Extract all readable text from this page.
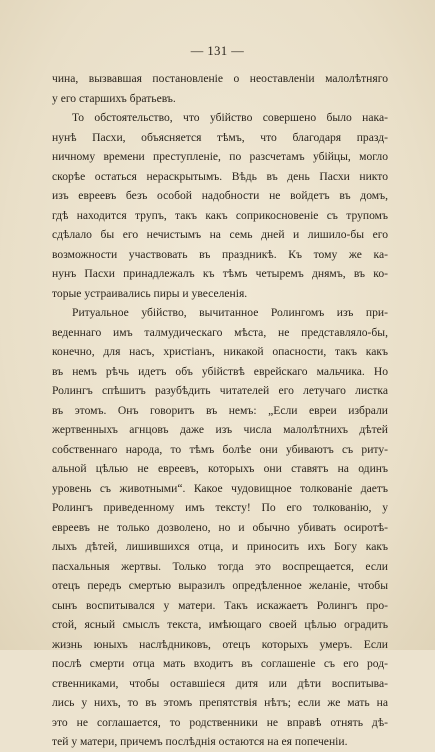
— 131 —
чина, вызвавшая постановленіе о неоставленіи малолѣтняго
у его старшихъ братьевъ.
То обстоятельство, что убійство совершено было нака-
нунѣ Пасхи, объясняется тѣмъ, что благодаря празд-
ничному времени преступленіе, по разсчетамъ убійцы, могло
скорѣе остаться нераскрытымъ. Вѣдь въ день Пасхи никто
изъ евреевъ безъ особой надобности не войдетъ въ домъ,
гдѣ находится трупъ, такъ какъ соприкосновеніе съ трупомъ
сдѣлало бы его нечистымъ на семь дней и лишило-бы его
возможности участвовать въ праздникѣ. Къ тому же ка-
нунъ Пасхи принадлежалъ къ тѣмъ четыремъ днямъ, въ ко-
торые устраивались пиры и увеселенія.
Ритуальное убійство, вычитанное Ролингомъ изъ при-
веденнаго имъ талмудическаго мѣста, не представляло-бы,
конечно, для насъ, христіанъ, никакой опасности, такъ какъ
въ немъ рѣчь идетъ объ убійствѣ еврейскаго мальчика. Но
Ролингъ спѣшитъ разубѣдить читателей его летучаго листка
въ этомъ. Онъ говоритъ въ немъ: „Если евреи избрали
жертвенныхъ агнцовъ даже изъ числа малолѣтнихъ дѣтей
собственнаго народа, то тѣмъ болѣе они убиваютъ съ риту-
альной цѣлью не евреевъ, которыхъ они ставятъ на одинъ
уровень съ животными“. Какое чудовищное толкованіе даетъ
Ролингъ приведенному имъ тексту! По его толкованію, у
евреевъ не только дозволено, но и обычно убивать осиротѣ-
лыхъ дѣтей, лишившихся отца, и приносить ихъ Богу какъ
пасхальныя жертвы. Только тогда это воспрещается, если
отецъ передъ смертью выразилъ опредѣленное желаніе, чтобы
сынъ воспитывался у матери. Такъ искажаетъ Ролингъ про-
стой, ясный смыслъ текста, имѣющаго своей цѣлью оградить
жизнь юныхъ наслѣдниковъ, отецъ которыхъ умеръ. Если
послѣ смерти отца мать входитъ въ соглашеніе съ его род-
ственниками, чтобы оставшіеся дитя или дѣти воспитыва-
лись у нихъ, то въ этомъ препятствія нѣтъ; если же мать на
это не соглашается, то родственники не вправѣ отнять дѣ-
тей у матери, причемъ послѣднія остаются на ея попеченіи.
